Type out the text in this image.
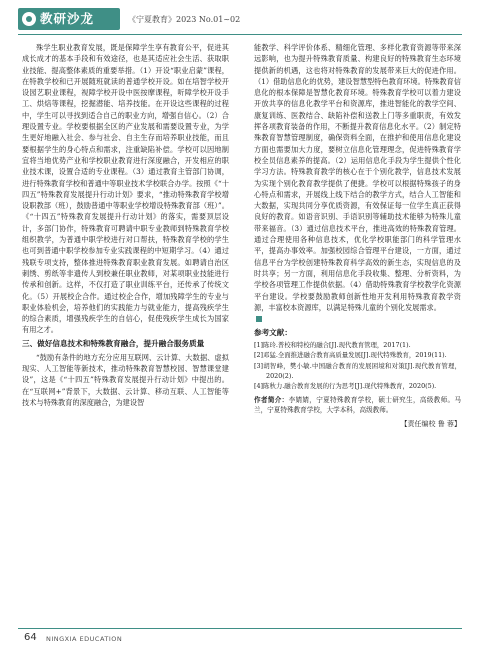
教研沙龙	《宁夏教育》2023 No.01~02

殊学生职业教育发展，既是保障学生享有教育公平，促进其成长成才的基本手段和有效途径，也是其适应社会生活、获取职业技能、提高整体素质的重要举措。（1）开设“职业启蒙”课程，在特教学校和已开展随班就读的普通学校开设。如在培智学校开设园艺职业课程，视障学校开设中医按摩课程，听障学校开设手工、烘焙等课程，挖掘潜能、培养技能。在开设这些课程的过程中，学生可以寻找到适合自己的职业方向，增强自信心。（2）合理设置专业。学校要根据全区的产业发展和需要设置专业，为学生更好地融入社会、参与社会、自主生存而培养职业技能，而且要根据学生的身心特点和需求，注重缺陷补偿。学校可以因地制宜将当地优势产业和学校职业教育进行深度融合，开发相应的职业技术课，设置合适的专业课程。（3）通过教育主管部门协调，进行特殊教育学校和普通中等职业技术学校联合办学。按照《“十四五”特殊教育发展提升行动计划》要求，“推动特殊教育学校增设职教部（班），鼓励普通中等职业学校增设特殊教育部（班）”。《“十四五”特殊教育发展提升行动计划》的落实，需要顶层设计，多部门协作，特殊教育可聘请中职专业教师到特殊教育学校组织教学，为普通中职学校进行对口帮扶，特殊教育学校的学生也可到普通中职学校参加专业实践课程的中短期学习。（4）通过残联专项支持，整体推进特殊教育职业教育发展。如聘请自治区刺绣、剪纸等非遗传人到校兼任职业教师，对某项职业技能进行传承和创新。这样，不仅打造了职业训练平台，还传承了传统文化。（5）开展校企合作。通过校企合作，增加残障学生的专业与职业体验机会，培养他们的实践能力与就业能力，提高残疾学生的综合素质，增强残疾学生的自信心，促使残疾学生成长为国家有用之才。

三、做好信息技术和特殊教育融合，提升融合服务质量

“鼓励有条件的地方充分应用互联网、云计算、大数据、虚拟现实、人工智能等新技术，推动特殊教育智慧校园、智慧课堂建设”，这是《“十四五”特殊教育发展提升行动计划》中提出的。在“互联网+”背景下，大数据、云计算、移动互联、人工智能等技术与特殊教育的深度融合，为建设智

能教学、科学评价体系、精细化管理、多样化教育资源等带来深远影响，也为提升特殊教育质量、构建良好的特殊教育生态环境提供新的机遇，这也将对特殊教育的发展带来巨大的促进作用。（1）借助信息化的优势，建设智慧型特色教育环境。特殊教育信息化的根本保障是智慧化教育环境。特殊教育学校可以着力建设开放共享的信息化教学平台和资源库，推进智能化的教学空间、康复训练、医教结合、缺陷补偿和送教上门等多重职责，有效发挥各项教育装备的作用，不断提升教育信息化水平。（2）制定特殊教育智慧管理制度，确保资料全面，在推护和使用信息化建设方面也需要加大力度，要树立信息化管理理念，促进特殊教育学校全员信息素养的提高。（2）运用信息化手段为学生提供个性化学习方法。特殊教育教学的核心在于个别化教学，信息技术发展为实现个别化教育教学提供了便捷。学校可以根据特殊孩子的身心特点和需求，开展线上线下结合的教学方式，结合人工智能和大数据，实现共同分享优质资源，有效保证每一位学生真正获得良好的教育。如语音识别、手语识别等辅助技术能够为特殊儿童带来福音。（3）通过信息技术平台，推进高效的特殊教育管理。通过合理使用各种信息技术，优化学校职能部门的科学管理水平，提高办事效率。加强校园综合管理平台建设，一方面，通过信息平台为学校创建特殊教育科学高效的新生态，实现信息的及时共享；另一方面，利用信息化手段收集、整理、分析资料，为学校各项管理工作提供依据。（4）借助特殊教育学校教学化资源平台建设。学校要鼓励教师创新性地开发利用特殊教育教学资源，丰富校本资源库，以满足特殊儿童的个别化发展需求。

参考文献：

[1]陈玲.普校和特校的融合[J].现代教育管理，2017(1).

[2]邓猛.全面推进融合教育高质量发展[J].现代特殊教育，2019(11).

[3]胡智峰，樊小敏.中国融合教育的发展困境和对策[J].现代教育管理，2020(2).

[4]陈秋力.融合教育发展的行为思考[J].现代特殊教育，2020(5).

作者简介：李婧婧，宁夏特殊教育学校，硕士研究生，高级教师。马兰，宁夏特殊教育学校，大学本科，高级教师。
【责任编校 鲁 蓉】
64 NINGXIA EDUCATION
